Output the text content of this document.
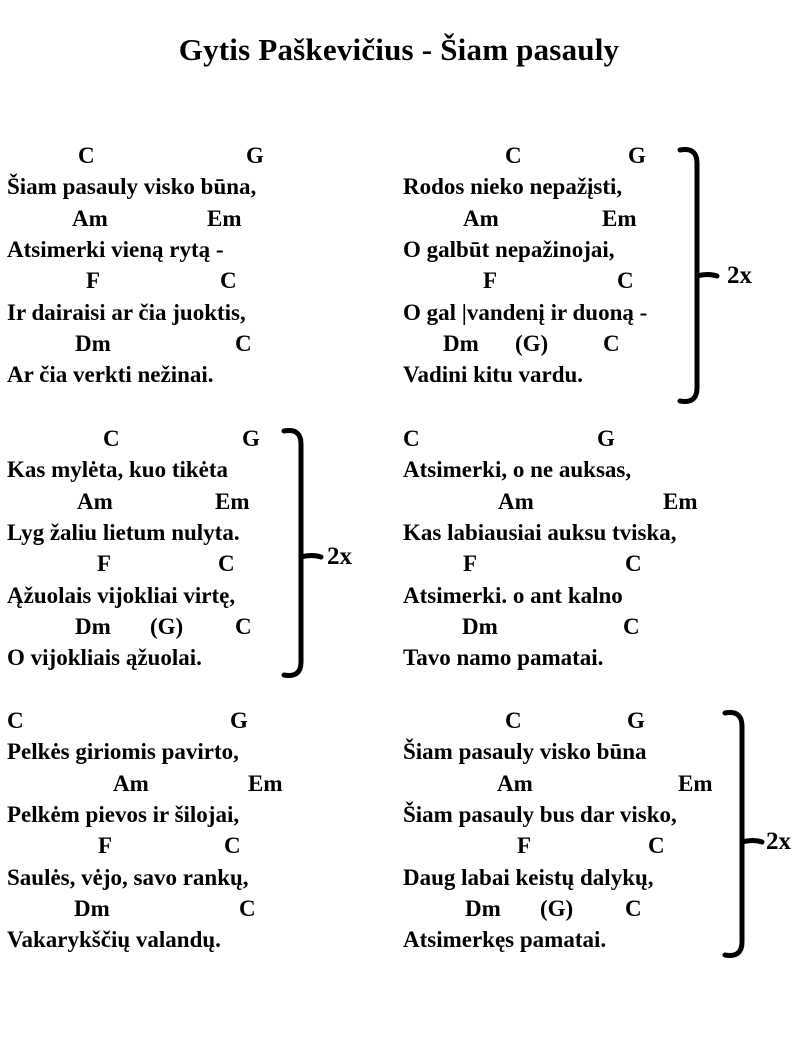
Gytis Paškevičius - Šiam pasauly
C	G
Šiam pasauly visko būna,
Am	Em
Atsimerki vieną rytą -
F	C
Ir dairaisi ar čia juoktis,
Dm	C
Ar čia verkti nežinai.
C	G
Rodos nieko nepažįsti,
Am	Em
O galbūt nepažinojai,
F	C
O gal |vandenį ir duoną -
Dm (G) C
Vadini kitu vardu.
2x
C	G
Kas mylėta, kuo tikėta
Am	Em
Lyg žaliu lietum nulyta.
F	C
Ąžuolais vijokliai virtę,
Dm (G) C
O vijokliais ąžuolai.
2x
C	G
Atsimerki, o ne auksas,
Am	Em
Kas labiausiai auksu tviska,
F	C
Atsimerki. o ant kalno
Dm	C
Tavo namo pamatai.
C	G
Pelkės giriomis pavirto,
Am	Em
Pelkėm pievos ir šilojai,
F	C
Saulės, vėjo, savo rankų,
Dm	C
Vakarykščių valandų.
C	G
Šiam pasauly visko būna
Am	Em
Šiam pasauly bus dar visko,
F	C
Daug labai keistų dalykų,
Dm (G) C
Atsimerkęs pamatai.
2x
